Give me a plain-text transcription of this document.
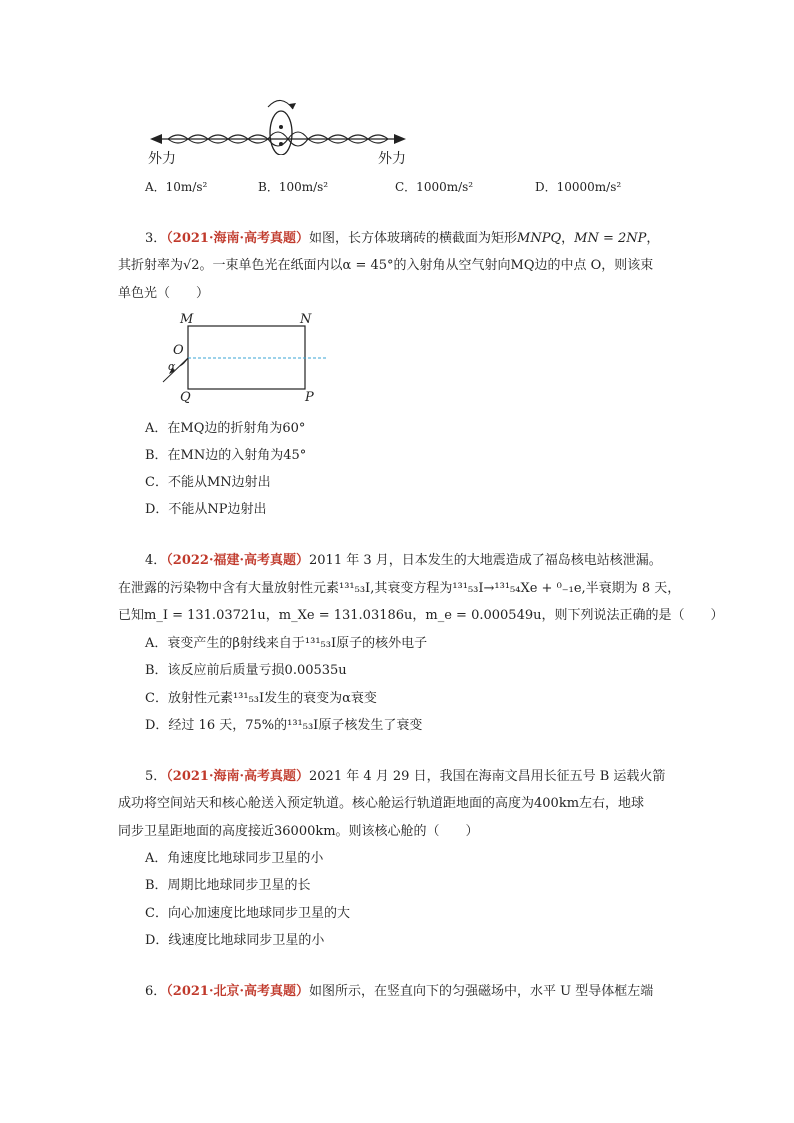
外力	外力
A．10m/s²	B．100m/s²	C．1000m/s²	D．10000m/s²
3．（2021·海南·高考真题）如图，长方体玻璃砖的横截面为矩形MNPQ，MN = 2NP，
其折射率为√2。一束单色光在纸面内以α = 45°的入射角从空气射向MQ边的中点 O，则该束
单色光（　　）
M	N
O
α
Q	P
A．在MQ边的折射角为60°
B．在MN边的入射角为45°
C．不能从MN边射出
D．不能从NP边射出
4．（2022·福建·高考真题）2011 年 3 月，日本发生的大地震造成了福岛核电站核泄漏。
在泄露的污染物中含有大量放射性元素¹³¹₅₃I,其衰变方程为¹³¹₅₃I→¹³¹₅₄Xe + ⁰₋₁e,半衰期为 8 天，
已知m_I = 131.03721u，m_Xe = 131.03186u，m_e = 0.000549u，则下列说法正确的是（　　）
A．衰变产生的β射线来自于¹³¹₅₃I原子的核外电子
B．该反应前后质量亏损0.00535u
C．放射性元素¹³¹₅₃I发生的衰变为α衰变
D．经过 16 天，75%的¹³¹₅₃I原子核发生了衰变
5．（2021·海南·高考真题）2021 年 4 月 29 日，我国在海南文昌用长征五号 B 运载火箭
成功将空间站天和核心舱送入预定轨道。核心舱运行轨道距地面的高度为400km左右，地球
同步卫星距地面的高度接近36000km。则该核心舱的（　　）
A．角速度比地球同步卫星的小
B．周期比地球同步卫星的长
C．向心加速度比地球同步卫星的大
D．线速度比地球同步卫星的小
6．（2021·北京·高考真题）如图所示，在竖直向下的匀强磁场中，水平 U 型导体框左端
